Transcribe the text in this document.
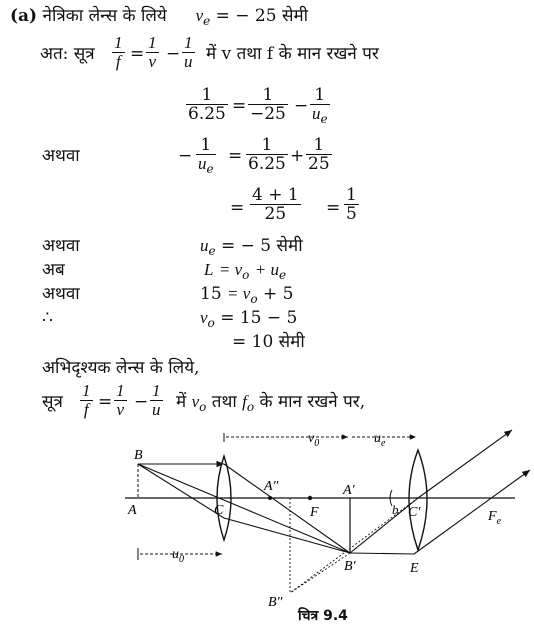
(a) नेत्रिका लेन्स के लिये $v_e$ = − 25 सेमी
अत: सूत्र $\frac{1}{f} = \frac{1}{v} - \frac{1}{u}$ में v तथा f के मान रखने पर
$\frac{1}{6.25} = \frac{1}{-25} - \frac{1}{u_e}$
अथवा	− $\frac{1}{u_e} = \frac{1}{6.25} + \frac{1}{25}$
= $\frac{4 + 1}{25} = \frac{1}{5}$
अथवा	$u_e$ = − 5 सेमी
अब	$L = v_o + u_e$
अथवा	$15 = v_o + 5$
∴	$v_o = 15 - 5$
= 10 सेमी
अभिदृश्यक लेन्स के लिये,
सूत्र $\frac{1}{f} = \frac{1}{v} - \frac{1}{u}$ में $v_o$ तथा $f_o$ के मान रखने पर,
B
A	C
A″
F
A′
b C′	$F_e$
B′	E
B″
$v_0$	$u_e$
$u_0$
चित्र 9.4
